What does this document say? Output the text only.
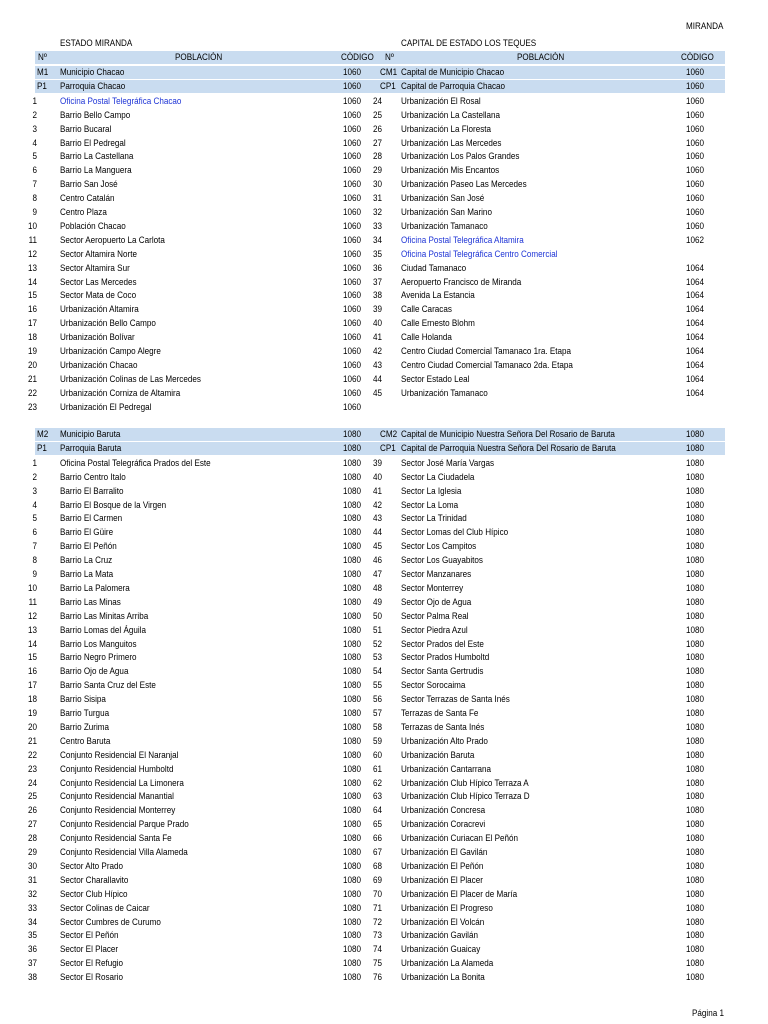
MIRANDA
ESTADO MIRANDA	CAPITAL DE ESTADO LOS TEQUES
Nº	POBLACIÓN	CÓDIGO Nº	POBLACIÓN	CÓDIGO
M1 Municipio Chacao	1060 CM1 Capital de Municipio Chacao	1060
P1 Parroquia Chacao	1060 CP1 Capital de Parroquia Chacao	1060
1	Oficina Postal Telegráfica Chacao	1060
2	Barrio Bello Campo	1060
3	Barrio Bucaral	1060
4	Barrio El Pedregal	1060
5	Barrio La Castellana	1060
6	Barrio La Manguera	1060
7	Barrio San José	1060
8	Centro Catalán	1060
9	Centro Plaza	1060
10	Población Chacao	1060
11	Sector Aeropuerto La Carlota	1060
12	Sector Altamira Norte	1060
13	Sector Altamira Sur	1060
14	Sector Las Mercedes	1060
15	Sector Mata de Coco	1060
16	Urbanización Altamira	1060
17	Urbanización Bello Campo	1060
18	Urbanización Bolívar	1060
19	Urbanización Campo Alegre	1060
20	Urbanización Chacao	1060
21	Urbanización Colinas de Las Mercedes	1060
22	Urbanización Corniza de Altamira	1060
23	Urbanización El Pedregal	1060
24 Urbanización El Rosal	1060
25 Urbanización La Castellana	1060
26 Urbanización La Floresta	1060
27 Urbanización Las Mercedes	1060
28 Urbanización Los Palos Grandes	1060
29 Urbanización Mis Encantos	1060
30 Urbanización Paseo Las Mercedes	1060
31 Urbanización San José	1060
32 Urbanización San Marino	1060
33 Urbanización Tamanaco	1060
34 Oficina Postal Telegráfica Altamira	1062
35 Oficina Postal Telegráfica Centro Comercial
36 Ciudad Tamanaco	1064
37 Aeropuerto Francisco de Miranda	1064
38 Avenida La Estancia	1064
39 Calle Caracas	1064
40 Calle Ernesto Blohm	1064
41 Calle Holanda	1064
42 Centro Ciudad Comercial Tamanaco 1ra. Etapa	1064
43 Centro Ciudad Comercial Tamanaco 2da. Etapa	1064
44 Sector Estado Leal	1064
45 Urbanización Tamanaco	1064
M2 Municipio Baruta	1080 CM2 Capital de Municipio Nuestra Señora Del Rosario de Baruta	1080
P1 Parroquia Baruta	1080 CP1 Capital de Parroquia Nuestra Señora Del Rosario de Baruta	1080
1	Oficina Postal Telegráfica Prados del Este	1080
2	Barrio Centro Italo	1080
3	Barrio El Barralito	1080
4	Barrio El Bosque de la Virgen	1080
5	Barrio El Carmen	1080
6	Barrio El Güire	1080
7	Barrio El Peñón	1080
8	Barrio La Cruz	1080
9	Barrio La Mata	1080
10	Barrio La Palomera	1080
11	Barrio Las Minas	1080
12	Barrio Las Minitas Arriba	1080
13	Barrio Lomas del Águila	1080
14	Barrio Los Manguitos	1080
15	Barrio Negro Primero	1080
16	Barrio Ojo de Agua	1080
17	Barrio Santa Cruz del Este	1080
18	Barrio Sisipa	1080
19	Barrio Turgua	1080
20	Barrio Zurima	1080
21	Centro Baruta	1080
22	Conjunto Residencial El Naranjal	1080
23	Conjunto Residencial Humboltd	1080
24	Conjunto Residencial La Limonera	1080
25	Conjunto Residencial Manantial	1080
26	Conjunto Residencial Monterrey	1080
27	Conjunto Residencial Parque Prado	1080
28	Conjunto Residencial Santa Fe	1080
29	Conjunto Residencial Villa Alameda	1080
30	Sector Alto Prado	1080
31	Sector Charallavito	1080
32	Sector Club Hípico	1080
33	Sector Colinas de Caicar	1080
34	Sector Cumbres de Curumo	1080
35	Sector El Peñón	1080
36	Sector El Placer	1080
37	Sector El Refugio	1080
38	Sector El Rosario	1080
39 Sector José María Vargas	1080
40 Sector La Ciudadela	1080
41 Sector La Iglesia	1080
42 Sector La Loma	1080
43 Sector La Trinidad	1080
44 Sector Lomas del Club Hípico	1080
45 Sector Los Campitos	1080
46 Sector Los Guayabitos	1080
47 Sector Manzanares	1080
48 Sector Monterrey	1080
49 Sector Ojo de Agua	1080
50 Sector Palma Real	1080
51 Sector Piedra Azul	1080
52 Sector Prados del Este	1080
53 Sector Prados Humboltd	1080
54 Sector Santa Gertrudis	1080
55 Sector Sorocaima	1080
56 Sector Terrazas de Santa Inés	1080
57 Terrazas de Santa Fe	1080
58 Terrazas de Santa Inés	1080
59 Urbanización Alto Prado	1080
60 Urbanización Baruta	1080
61 Urbanización Cantarrana	1080
62 Urbanización Club Hípico Terraza A	1080
63 Urbanización Club Hípico Terraza D	1080
64 Urbanización Concresa	1080
65 Urbanización Coracrevi	1080
66 Urbanización Curiacan El Peñón	1080
67 Urbanización El Gavilán	1080
68 Urbanización El Peñón	1080
69 Urbanización El Placer	1080
70 Urbanización El Placer de María	1080
71 Urbanización El Progreso	1080
72 Urbanización El Volcán	1080
73 Urbanización Gavilán	1080
74 Urbanización Guaicay	1080
75 Urbanización La Alameda	1080
76 Urbanización La Bonita	1080
Página 1
